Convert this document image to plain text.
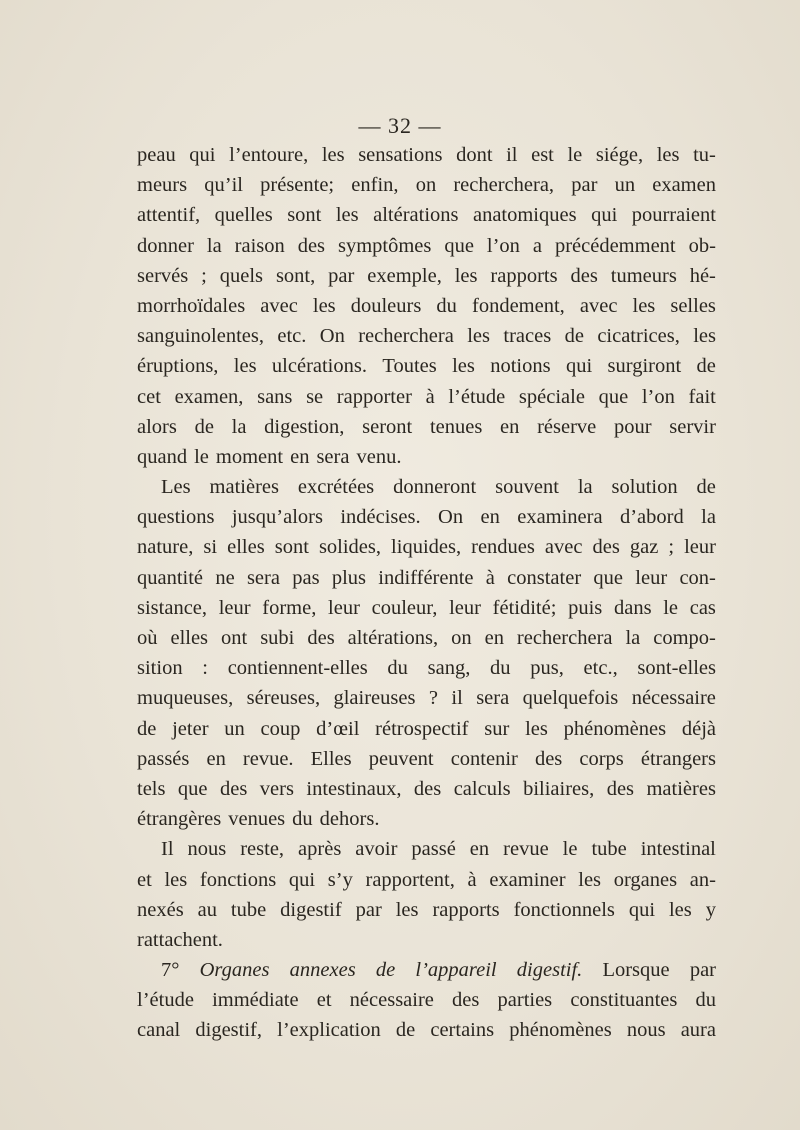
— 32 —
peau qui l’entoure, les sensations dont il est le siége, les tu-
meurs qu’il présente; enfin, on recherchera, par un examen
attentif, quelles sont les altérations anatomiques qui pourraient
donner la raison des symptômes que l’on a précédemment ob-
servés ; quels sont, par exemple, les rapports des tumeurs hé-
morrhoïdales avec les douleurs du fondement, avec les selles
sanguinolentes, etc. On recherchera les traces de cicatrices, les
éruptions, les ulcérations. Toutes les notions qui surgiront de
cet examen, sans se rapporter à l’étude spéciale que l’on fait
alors de la digestion, seront tenues en réserve pour servir
quand le moment en sera venu.
Les matières excrétées donneront souvent la solution de
questions jusqu’alors indécises. On en examinera d’abord la
nature, si elles sont solides, liquides, rendues avec des gaz ; leur
quantité ne sera pas plus indifférente à constater que leur con-
sistance, leur forme, leur couleur, leur fétidité; puis dans le cas
où elles ont subi des altérations, on en recherchera la compo-
sition : contiennent-elles du sang, du pus, etc., sont-elles
muqueuses, séreuses, glaireuses ? il sera quelquefois nécessaire
de jeter un coup d’œil rétrospectif sur les phénomènes déjà
passés en revue. Elles peuvent contenir des corps étrangers
tels que des vers intestinaux, des calculs biliaires, des matières
étrangères venues du dehors.
Il nous reste, après avoir passé en revue le tube intestinal
et les fonctions qui s’y rapportent, à examiner les organes an-
nexés au tube digestif par les rapports fonctionnels qui les y
rattachent.
7° Organes annexes de l’appareil digestif. Lorsque par
l’étude immédiate et nécessaire des parties constituantes du
canal digestif, l’explication de certains phénomènes nous aura
